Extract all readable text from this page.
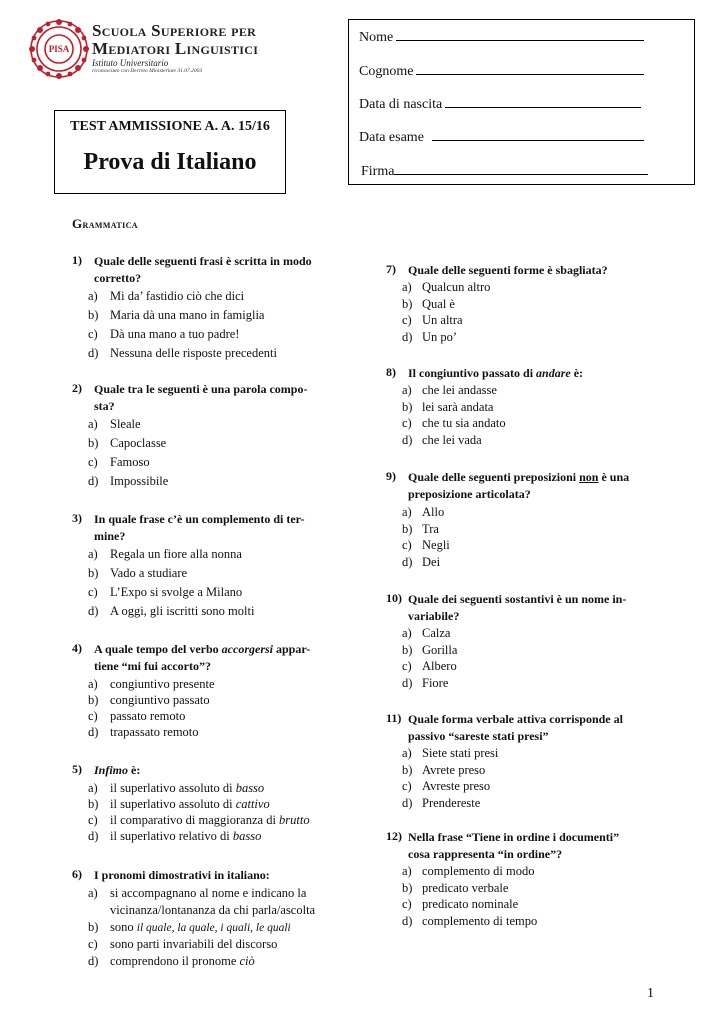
PISA
Scuola Superiore per
Mediatori Linguistici
Istituto Universitario
riconosciuto con Decreto Ministeriale 31.07.2003
TEST AMMISSIONE A. A. 15/16
Prova di Italiano
Nome
Cognome
Data di nascita
Data esame
Firma
Grammatica
1) Quale delle seguenti frasi è scritta in modo
corretto?
a) Mi da’ fastidio ciò che dici
b) Maria dà una mano in famiglia
c) Dà una mano a tuo padre!
d) Nessuna delle risposte precedenti
2) Quale tra le seguenti è una parola compo-
sta?
a) Sleale
b) Capoclasse
c) Famoso
d) Impossibile
3) In quale frase c’è un complemento di ter-
mine?
a) Regala un fiore alla nonna
b) Vado a studiare
c) L’Expo si svolge a Milano
d) A oggi, gli iscritti sono molti
4) A quale tempo del verbo accorgersi appar-
tiene “mi fui accorto”?
a) congiuntivo presente
b) congiuntivo passato
c) passato remoto
d) trapassato remoto
5) Infimo è:
a) il superlativo assoluto di basso
b) il superlativo assoluto di cattivo
c) il comparativo di maggioranza di brutto
d) il superlativo relativo di basso
6) I pronomi dimostrativi in italiano:
a) si accompagnano al nome e indicano la
vicinanza/lontananza da chi parla/ascolta
b) sono il quale, la quale, i quali, le quali
c) sono parti invariabili del discorso
d) comprendono il pronome ciò
7) Quale delle seguenti forme è sbagliata?
a) Qualcun altro
b) Qual è
c) Un altra
d) Un po’
8) Il congiuntivo passato di andare è:
a) che lei andasse
b) lei sarà andata
c) che tu sia andato
d) che lei vada
9) Quale delle seguenti preposizioni non è una
preposizione articolata?
a) Allo
b) Tra
c) Negli
d) Dei
10) Quale dei seguenti sostantivi è un nome in-
variabile?
a) Calza
b) Gorilla
c) Albero
d) Fiore
11) Quale forma verbale attiva corrisponde al
passivo “sareste stati presi”
a) Siete stati presi
b) Avrete preso
c) Avreste preso
d) Prendereste
12) Nella frase “Tiene in ordine i documenti”
cosa rappresenta “in ordine”?
a) complemento di modo
b) predicato verbale
c) predicato nominale
d) complemento di tempo
1
